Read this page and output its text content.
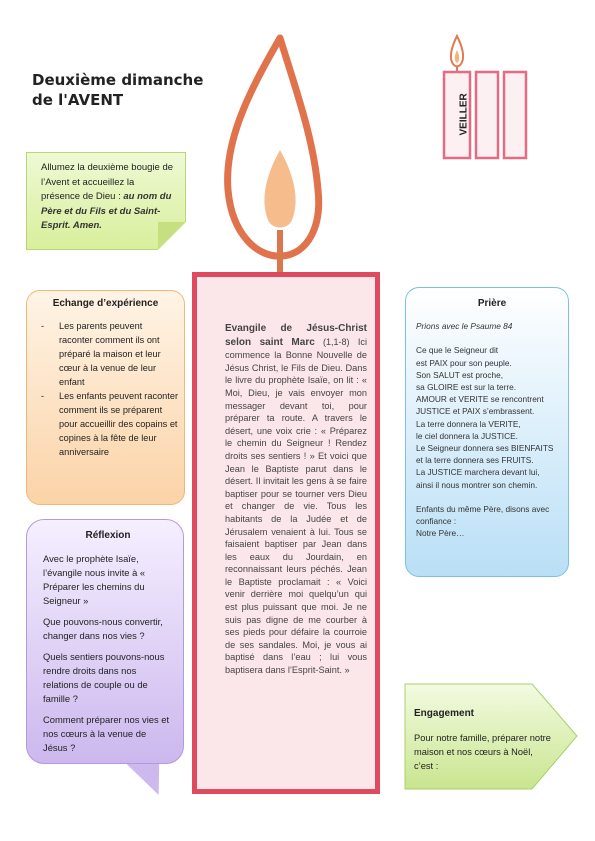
Deuxième dimanche
de l'AVENT	VEILLER
Evangile de Jésus-Christ selon saint Marc (1,1-8) Ici commence la Bonne Nouvelle de Jésus Christ, le Fils de Dieu. Dans le livre du prophète Isaïe, on lit : « Moi, Dieu, je vais envoyer mon messager devant toi, pour préparer ta route. A travers le désert, une voix crie : « Préparez le chemin du Seigneur ! Rendez droits ses sentiers ! » Et voici que Jean le Baptiste parut dans le désert. Il invitait les gens à se faire baptiser pour se tourner vers Dieu et changer de vie. Tous les habitants de la Judée et de Jérusalem venaient à lui. Tous se faisaient baptiser par Jean dans les eaux du Jourdain, en reconnaissant leurs péchés. Jean le Baptiste proclamait : « Voici venir derrière moi quelqu’un qui est plus puissant que moi. Je ne suis pas digne de me courber à ses pieds pour défaire la courroie de ses sandales. Moi, je vous ai baptisé dans l’eau ; lui vous baptisera dans l’Esprit-Saint. »
Allumez la deuxième bougie de l’Avent et accueillez la présence de Dieu : au nom du Père et du Fils et du Saint-Esprit. Amen.
Echange d’expérience
- Les parents peuvent raconter comment ils ont préparé la maison et leur cœur à la venue de leur enfant
- Les enfants peuvent raconter comment ils se préparent pour accueillir des copains et copines à la fête de leur anniversaire
Réflexion

Avec le prophète Isaïe, l’évangile nous invite à « Préparer les chemins du Seigneur »

Que pouvons-nous convertir, changer dans nos vies ?

Quels sentiers pouvons-nous rendre droits dans nos relations de couple ou de famille ?

Comment préparer nos vies et nos cœurs à la venue de Jésus ?

Prière
Prions avec le Psaume 84
Ce que le Seigneur dit
est PAIX pour son peuple.
Son SALUT est proche,
sa GLOIRE est sur la terre.
AMOUR et VERITE se rencontrent
JUSTICE et PAIX s’embrassent.
La terre donnera la VERITE,
le ciel donnera la JUSTICE.
Le Seigneur donnera ses BIENFAITS
et la terre donnera ses FRUITS.
La JUSTICE marchera devant lui,
ainsi il nous montrer son chemin.
Enfants du même Père, disons avec
confiance :
Notre Père…
Engagement
Pour notre famille, préparer notre maison et nos cœurs à Noël, c’est :
